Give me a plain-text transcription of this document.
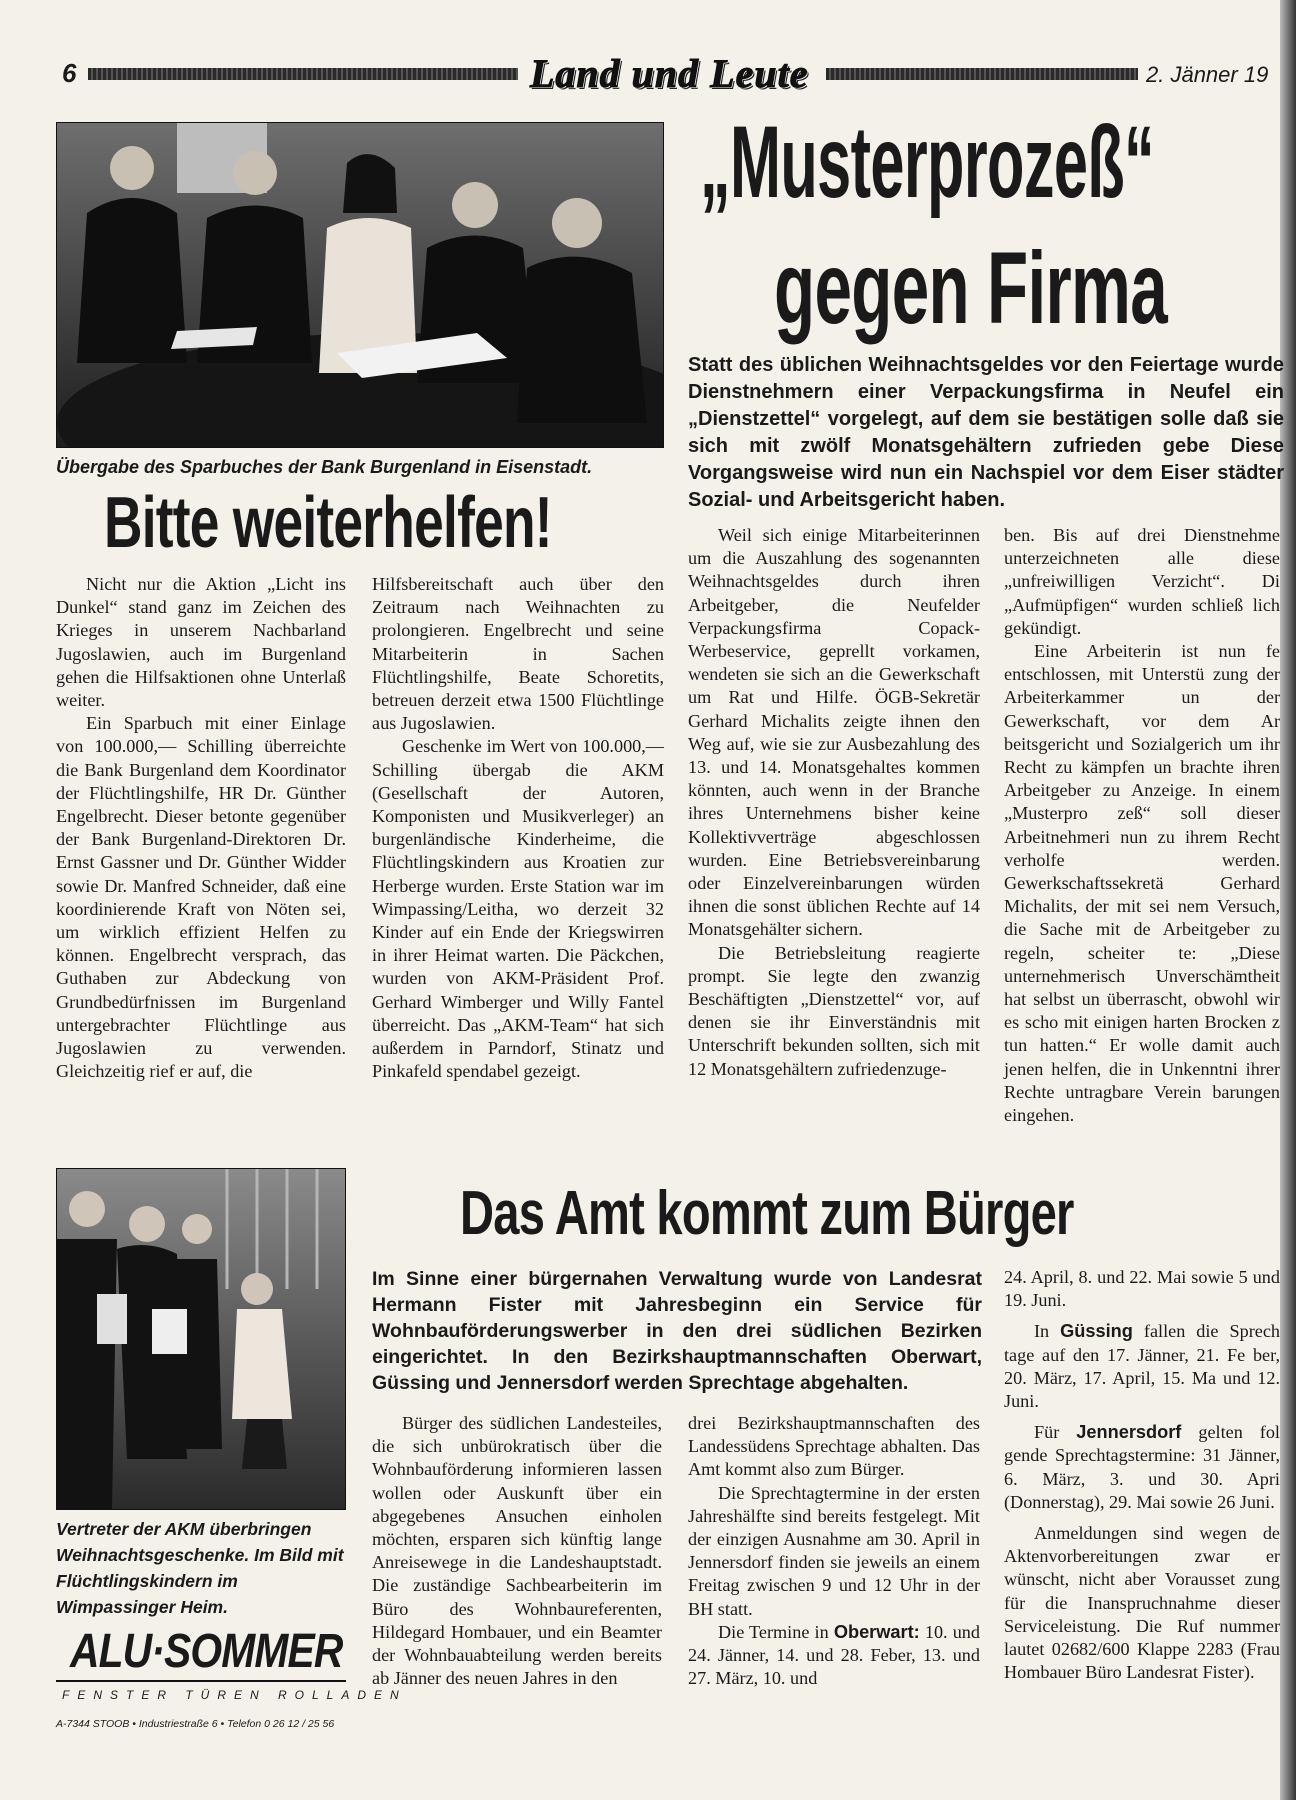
6	Land und Leute	2. Jänner 19
Übergabe des Sparbuches der Bank Burgenland in Eisenstadt.
Bitte weiterhelfen!

Nicht nur die Aktion „Licht ins Dunkel“ stand ganz im Zeichen des Krieges in unserem Nachbarland Jugoslawien, auch im Burgenland gehen die Hilfsaktionen ohne Unterlaß weiter.

Ein Sparbuch mit einer Einlage von 100.000,— Schilling überreichte die Bank Burgenland dem Koordinator der Flüchtlingshilfe, HR Dr. Günther Engelbrecht. Dieser betonte gegenüber der Bank Burgenland-Direktoren Dr. Ernst Gassner und Dr. Günther Widder sowie Dr. Manfred Schneider, daß eine koordinierende Kraft von Nöten sei, um wirklich effizient Helfen zu können. Engelbrecht versprach, das Guthaben zur Abdeckung von Grundbedürfnissen im Burgenland untergebrachter Flüchtlinge aus Jugoslawien zu verwenden. Gleichzeitig rief er auf, die

Hilfsbereitschaft auch über den Zeitraum nach Weihnachten zu prolongieren. Engelbrecht und seine Mitarbeiterin in Sachen Flüchtlingshilfe, Beate Schoretits, betreuen derzeit etwa 1500 Flüchtlinge aus Jugoslawien.

Geschenke im Wert von 100.000,— Schilling übergab die AKM (Gesellschaft der Autoren, Komponisten und Musikverleger) an burgenländische Kinderheime, die Flüchtlingskindern aus Kroatien zur Herberge wurden. Erste Station war im Wimpassing/Leitha, wo derzeit 32 Kinder auf ein Ende der Kriegswirren in ihrer Heimat warten. Die Päckchen, wurden von AKM-Präsident Prof. Gerhard Wimberger und Willy Fantel überreicht. Das „AKM-Team“ hat sich außerdem in Parndorf, Stinatz und Pinkafeld spendabel gezeigt.

„Musterprozeß“
gegen Firma
Statt des üblichen Weihnachtsgeldes vor den Feiertage wurde Dienstnehmern einer Verpackungsfirma in Neufel ein „Dienstzettel“ vorgelegt, auf dem sie bestätigen solle daß sie sich mit zwölf Monatsgehältern zufrieden gebe Diese Vorgangsweise wird nun ein Nachspiel vor dem Eiser städter Sozial- und Arbeitsgericht haben.

Weil sich einige Mitarbeiterinnen um die Auszahlung des sogenannten Weihnachtsgeldes durch ihren Arbeitgeber, die Neufelder Verpackungsfirma Copack-Werbeservice, geprellt vorkamen, wendeten sie sich an die Gewerkschaft um Rat und Hilfe. ÖGB-Sekretär Gerhard Michalits zeigte ihnen den Weg auf, wie sie zur Ausbezahlung des 13. und 14. Monatsgehaltes kommen könnten, auch wenn in der Branche ihres Unternehmens bisher keine Kollektivverträge abgeschlossen wurden. Eine Betriebsvereinbarung oder Einzelvereinbarungen würden ihnen die sonst üblichen Rechte auf 14 Monatsgehälter sichern.

Die Betriebsleitung reagierte prompt. Sie legte den zwanzig Beschäftigten „Dienstzettel“ vor, auf denen sie ihr Einverständnis mit Unterschrift bekunden sollten, sich mit 12 Monatsgehältern zufriedenzuge-

ben. Bis auf drei Dienstnehme unterzeichneten alle diese „unfreiwilligen Verzicht“. Di „Aufmüpfigen“ wurden schließ lich gekündigt.

Eine Arbeiterin ist nun fe entschlossen, mit Unterstü zung der Arbeiterkammer un der Gewerkschaft, vor dem Ar beitsgericht und Sozialgerich um ihr Recht zu kämpfen un brachte ihren Arbeitgeber zu Anzeige. In einem „Musterpro zeß“ soll dieser Arbeitnehmeri nun zu ihrem Recht verholfe werden. Gewerkschaftssekretä Gerhard Michalits, der mit sei nem Versuch, die Sache mit de Arbeitgeber zu regeln, scheiter te: „Diese unternehmerisch Unverschämtheit hat selbst un überrascht, obwohl wir es scho mit einigen harten Brocken z tun hatten.“ Er wolle damit auch jenen helfen, die in Unkenntni ihrer Rechte untragbare Verein barungen eingehen.

Vertreter der AKM überbringen Weihnachtsgeschenke. Im Bild mit Flüchtlingskindern im Wimpassinger Heim.
ALU·SOMMER
FENSTER TÜREN ROLLADEN
A-7344 STOOB • Industriestraße 6 • Telefon 0 26 12 / 25 56
Das Amt kommt zum Bürger
Im Sinne einer bürgernahen Verwaltung wurde von Landesrat Hermann Fister mit Jahresbeginn ein Service für Wohnbauförderungswerber in den drei südlichen Bezirken eingerichtet. In den Bezirkshauptmannschaften Oberwart, Güssing und Jennersdorf werden Sprechtage abgehalten.

Bürger des südlichen Landesteiles, die sich unbürokratisch über die Wohnbauförderung informieren lassen wollen oder Auskunft über ein abgegebenes Ansuchen einholen möchten, ersparen sich künftig lange Anreisewege in die Landeshauptstadt. Die zuständige Sachbearbeiterin im Büro des Wohnbaureferenten, Hildegard Hombauer, und ein Beamter der Wohnbauabteilung werden bereits ab Jänner des neuen Jahres in den

drei Bezirkshauptmannschaften des Landessüdens Sprechtage abhalten. Das Amt kommt also zum Bürger.

Die Sprechtagtermine in der ersten Jahreshälfte sind bereits festgelegt. Mit der einzigen Ausnahme am 30. April in Jennersdorf finden sie jeweils an einem Freitag zwischen 9 und 12 Uhr in der BH statt.

Die Termine in Oberwart: 10. und 24. Jänner, 14. und 28. Feber, 13. und 27. März, 10. und

24. April, 8. und 22. Mai sowie 5 und 19. Juni.

In Güssing fallen die Sprech tage auf den 17. Jänner, 21. Fe ber, 20. März, 17. April, 15. Ma und 12. Juni.

Für Jennersdorf gelten fol gende Sprechtagstermine: 31 Jänner, 6. März, 3. und 30. Apri (Donnerstag), 29. Mai sowie 26 Juni.

Anmeldungen sind wegen de Aktenvorbereitungen zwar er wünscht, nicht aber Vorausset zung für die Inanspruchnahme dieser Serviceleistung. Die Ruf nummer lautet 02682/600 Klappe 2283 (Frau Hombauer Büro Landesrat Fister).
